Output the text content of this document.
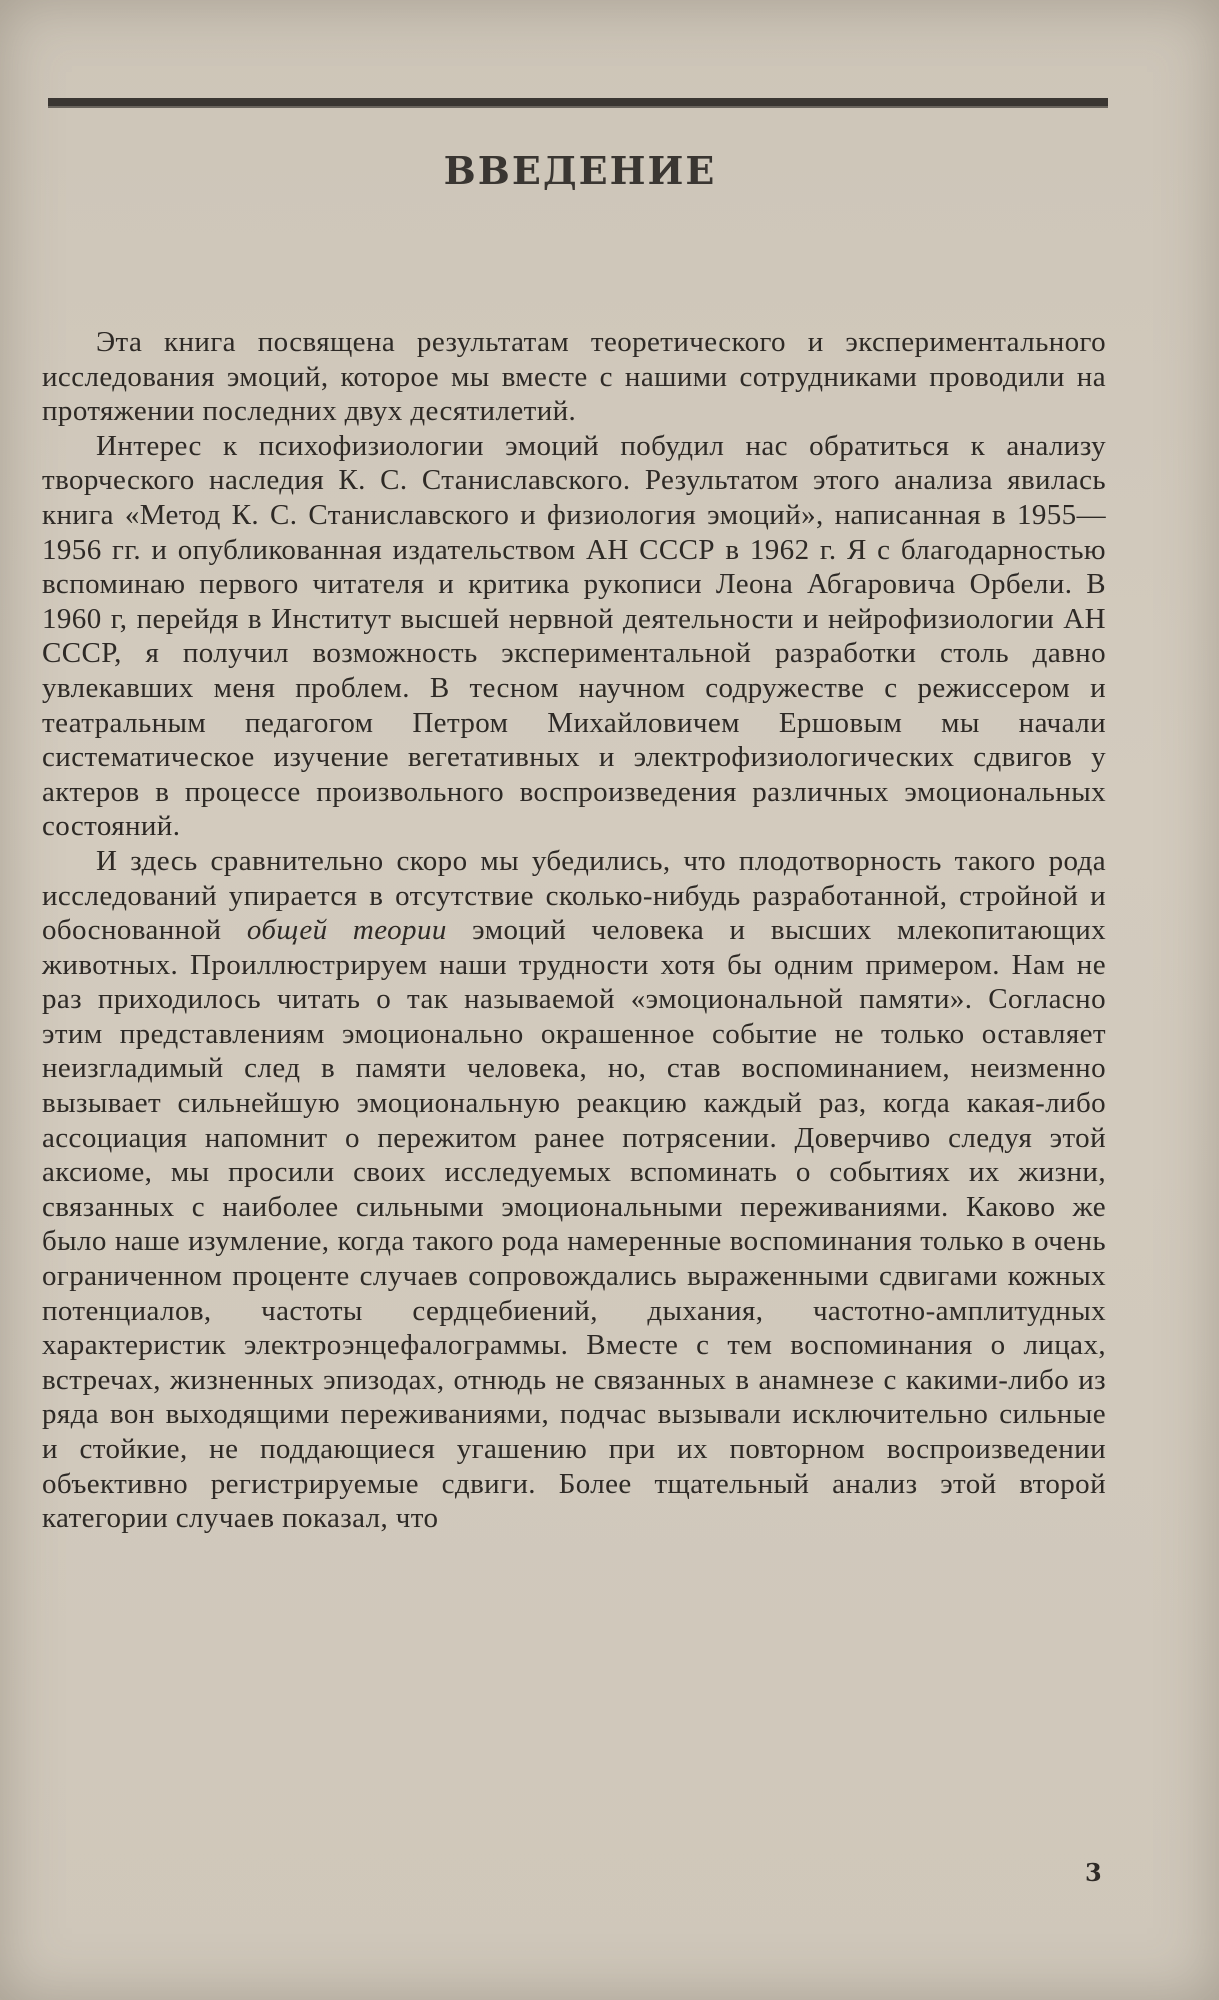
ВВЕДЕНИЕ

Эта книга посвящена результатам теоретического и экспериментального исследования эмоций, которое мы вместе с нашими сотрудниками проводили на протяжении последних двух десятилетий.

Интерес к психофизиологии эмоций побудил нас обратиться к анализу творческого наследия К. С. Станиславского. Результатом этого анализа явилась книга «Метод К. С. Станиславского и физиология эмоций», написанная в 1955—1956 гг. и опубликованная издательством АН СССР в 1962 г. Я с благодарностью вспоминаю первого читателя и критика рукописи Леона Абгаровича Орбели. В 1960 г, перейдя в Институт высшей нервной деятельности и нейрофизиологии АН СССР, я получил возможность экспериментальной разработки столь давно увлекавших меня проблем. В тесном научном содружестве с режиссером и театральным педагогом Петром Михайловичем Ершовым мы начали систематическое изучение вегетативных и электрофизиологических сдвигов у актеров в процессе произвольного воспроизведения различных эмоциональных состояний.

И здесь сравнительно скоро мы убедились, что плодотворность такого рода исследований упирается в отсутствие сколько-нибудь разработанной, стройной и обоснованной общей теории эмоций человека и высших млекопитающих животных. Проиллюстрируем наши трудности хотя бы одним примером. Нам не раз приходилось читать о так называемой «эмоциональной памяти». Согласно этим представлениям эмоционально окрашенное событие не только оставляет неизгладимый след в памяти человека, но, став воспоминанием, неизменно вызывает сильнейшую эмоциональную реакцию каждый раз, когда какая-либо ассоциация напомнит о пережитом ранее потрясении. Доверчиво следуя этой аксиоме, мы просили своих исследуемых вспоминать о событиях их жизни, связанных с наиболее сильными эмоциональными переживаниями. Каково же было наше изумление, когда такого рода намеренные воспоминания только в очень ограниченном проценте случаев сопровождались выраженными сдвигами кожных потенциалов, частоты сердцебиений, дыхания, частотно-амплитудных характеристик электроэнцефалограммы. Вместе с тем воспоминания о лицах, встречах, жизненных эпизодах, отнюдь не связанных в анамнезе с какими-либо из ряда вон выходящими переживаниями, подчас вызывали исключительно сильные и стойкие, не поддающиеся угашению при их повторном воспроизведении объективно регистрируемые сдвиги. Более тщательный анализ этой второй категории случаев показал, что

3
